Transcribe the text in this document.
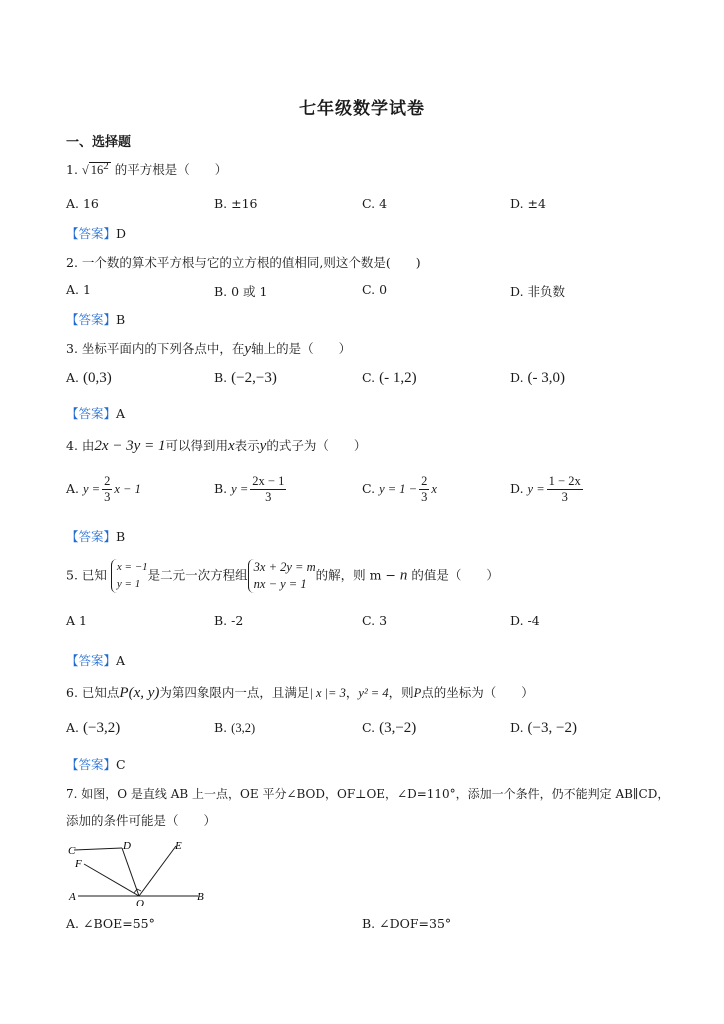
七年级数学试卷
一、选择题
1. √ $16^2$ 的平方根是（　　）
A. 16	B. ±16	C. 4	D. ±4
【答案】D
2. 一个数的算术平方根与它的立方根的值相同,则这个数是(　　)
A. 1	B. 0 或 1	C. 0	D. 非负数
【答案】B
3. 坐标平面内的下列各点中，在y轴上的是（　　）
A. (0,3)	B. (−2,−3)	C. (- 1,2)	D. (- 3,0)
【答案】A
4. 由2x − 3y = 1可以得到用x表示y的式子为（　　）
A. $y = \frac{2}{3}$ x − 1	B. $y = \frac{2x - 1}{3}$	C. $y = 1 - \frac{2}{3}$ x	D. $y = \frac{1 - 2x}{3}$
【答案】B
5. 已知
x = −1
y = 1
是二元一次方程组
3x + 2y = m
nx − y = 1
的解，则 m − n 的值是（　　）
A 1	B. -2	C. 3	D. -4
【答案】A
6. 已知点P(x, y)为第四象限内一点，且满足| x |= 3，y² = 4，则P点的坐标为（　　）
A. (−3,2)	B. (3,2)	C. (3,−2)	D. (−3, −2)
【答案】C
7. 如图，O 是直线 AB 上一点，OE 平分∠BOD，OF⊥OE，∠D=110°，添加一个条件，仍不能判定 AB∥CD，
添加的条件可能是（　　）
C	D	E
F
A	B
O
A. ∠BOE=55°	B. ∠DOF=35°
